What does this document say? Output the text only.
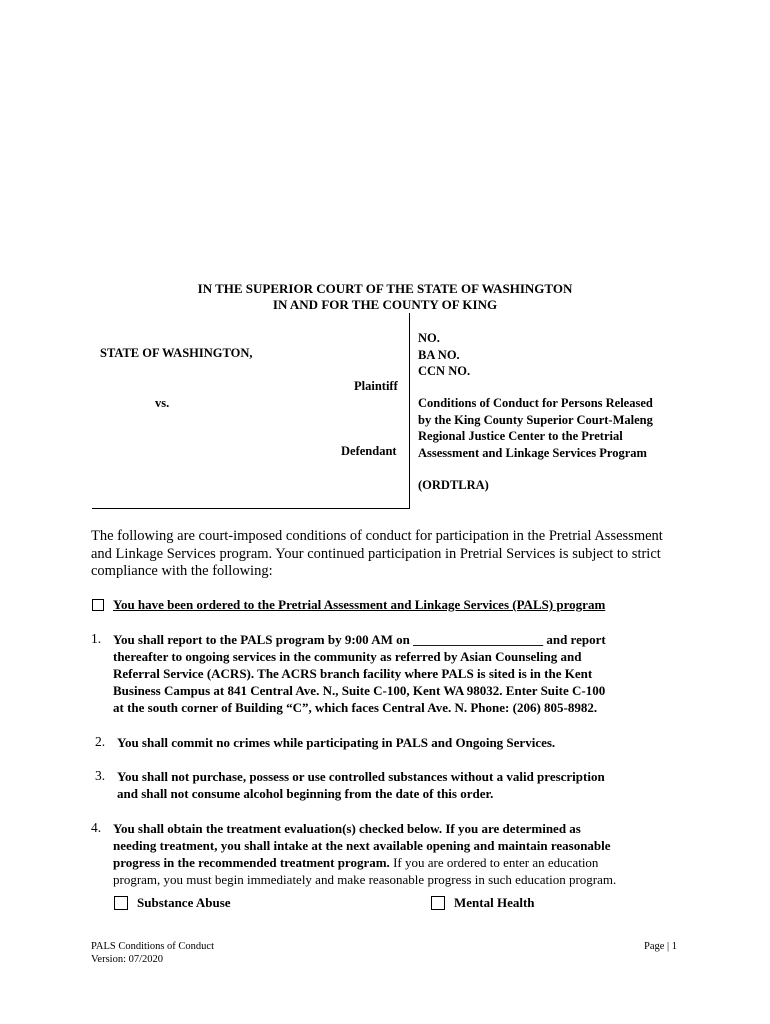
IN THE SUPERIOR COURT OF THE STATE OF WASHINGTON
IN AND FOR THE COUNTY OF KING
STATE OF WASHINGTON,
Plaintiff
vs.
Defendant
NO.
BA NO.
CCN NO.
Conditions of Conduct for Persons Released
by the King County Superior Court-Maleng
Regional Justice Center to the Pretrial
Assessment and Linkage Services Program
(ORDTLRA)
The following are court-imposed conditions of conduct for participation in the Pretrial Assessment and Linkage Services program. Your continued participation in Pretrial Services is subject to strict compliance with the following:
You have been ordered to the Pretrial Assessment and Linkage Services (PALS) program
1. You shall report to the PALS program by 9:00 AM on ____________________ and report
thereafter to ongoing services in the community as referred by Asian Counseling and
Referral Service (ACRS). The ACRS branch facility where PALS is sited is in the Kent
Business Campus at 841 Central Ave. N., Suite C-100, Kent WA 98032. Enter Suite C-100
at the south corner of Building “C”, which faces Central Ave. N. Phone: (206) 805-8982.
2. You shall commit no crimes while participating in PALS and Ongoing Services.
3. You shall not purchase, possess or use controlled substances without a valid prescription
and shall not consume alcohol beginning from the date of this order.
4. You shall obtain the treatment evaluation(s) checked below. If you are determined as
needing treatment, you shall intake at the next available opening and maintain reasonable
progress in the recommended treatment program. If you are ordered to enter an education
program, you must begin immediately and make reasonable progress in such education program.
Substance Abuse	Mental Health
PALS Conditions of Conduct
Version: 07/2020
Page | 1
